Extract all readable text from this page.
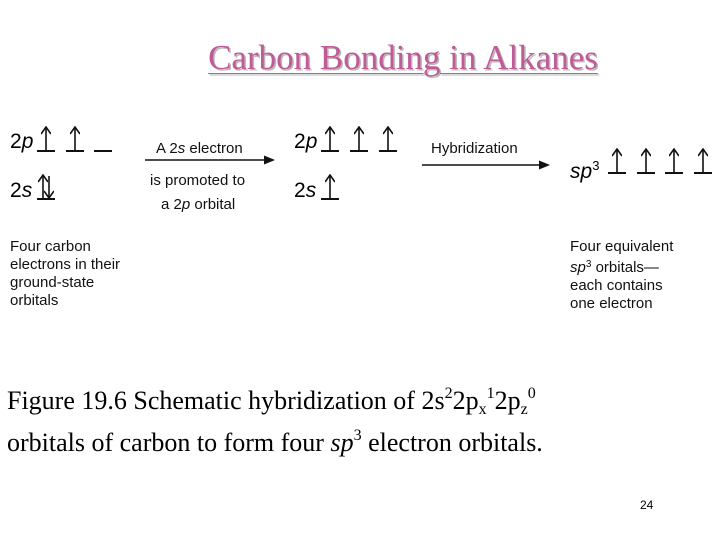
Carbon Bonding in Alkanes
2p
2s
Four carbon
electrons in their
ground-state
orbitals
A 2s electron
is promoted to
a 2p orbital
2p
2s
Hybridization
$sp^3$
Four equivalent
$sp^3$ orbitals—
each contains
one electron
Figure 19.6 Schematic hybridization of $2s^22p_x^12p_z^0$
orbitals of carbon to form four $sp^3$ electron orbitals.
24
